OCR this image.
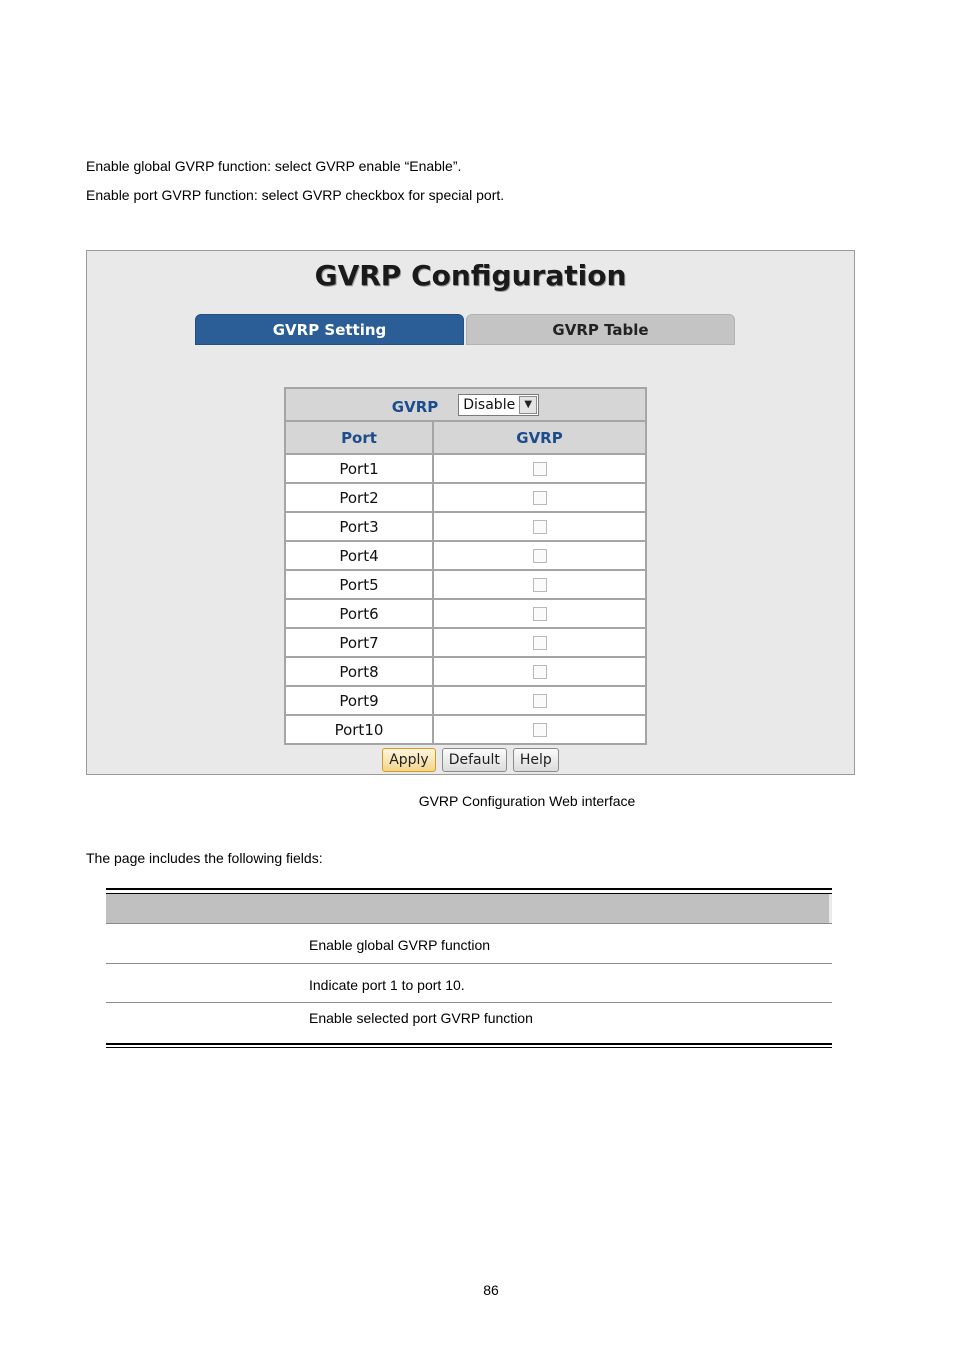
Enable global GVRP function: select GVRP enable “Enable”.
Enable port GVRP function: select GVRP checkbox for special port.
GVRP Configuration
GVRP Setting	GVRP Table
GVRP Disable ▼
Port	GVRP
Port1
Port2
Port3
Port4
Port5
Port6
Port7
Port8
Port9
Port10
Apply Default Help
GVRP Configuration Web interface
The page includes the following fields:
Enable global GVRP function
Indicate port 1 to port 10.
Enable selected port GVRP function
86
